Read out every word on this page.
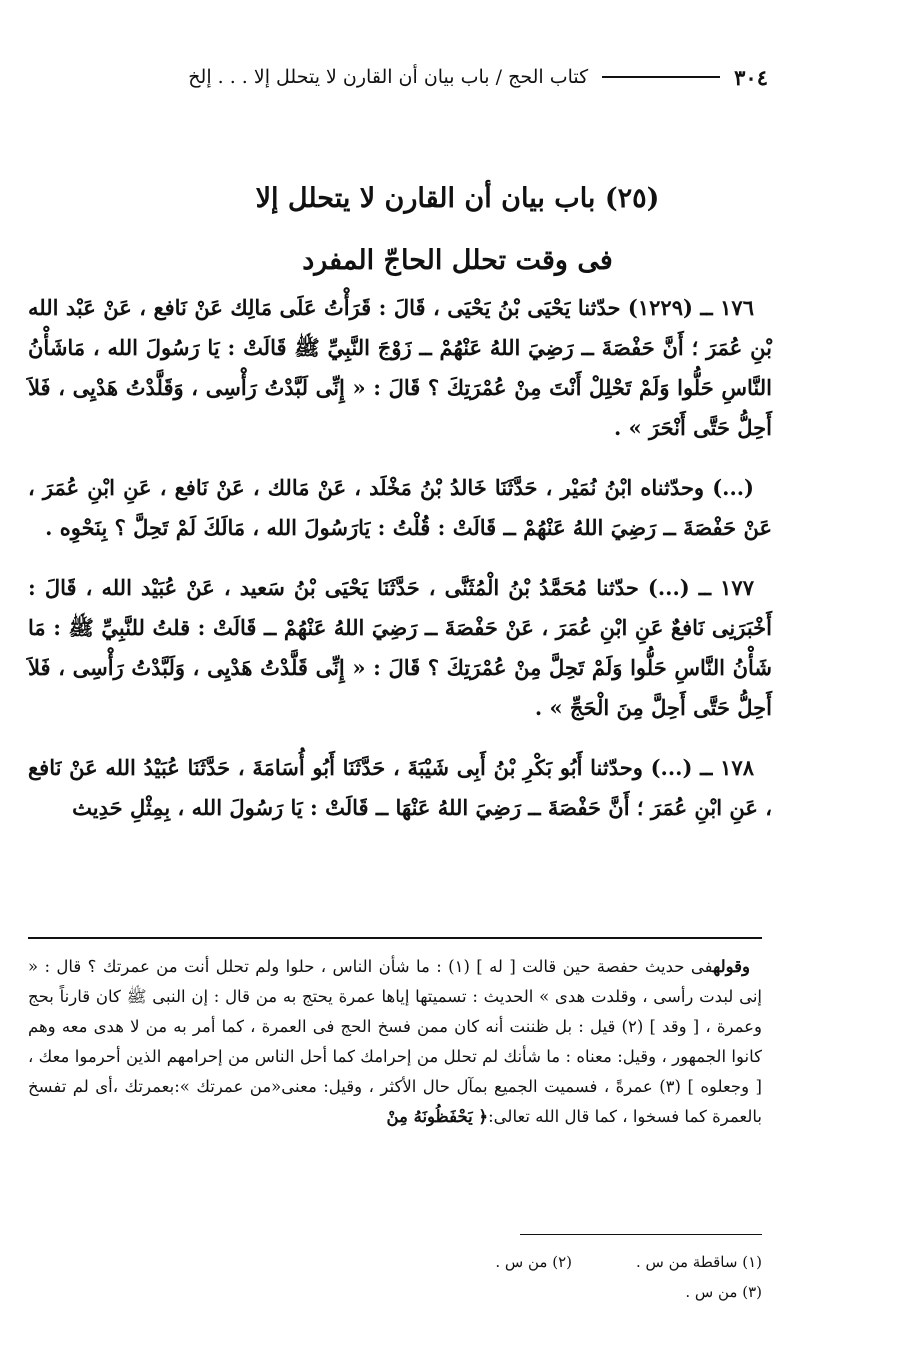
٣٠٤
كتاب الحج / باب بيان أن القارن لا يتحلل إلا . . . إلخ
(٢٥) باب بيان أن القارن لا يتحلل إلا
فى وقت تحلل الحاجّ المفرد

١٧٦ ــ (١٢٢٩) حدّثنا يَحْيَى بْنُ يَحْيَى ، قَالَ : قَرَأْتُ عَلَى مَالِك عَنْ نَافع ، عَنْ عَبْد الله بْنِ عُمَرَ ؛ أَنَّ حَفْصَةَ ــ رَضِيَ اللهُ عَنْهُمْ ــ زَوْجَ النَّبِيِّ ﷺ قَالَتْ : يَا رَسُولَ الله ، مَاشَأْنُ النَّاسِ حَلُّوا وَلَمْ تَحْلِلْ أَنْتَ مِنْ عُمْرَتِكَ ؟ قَالَ : « إِنِّى لَبَّدْتُ رَأْسِى ، وَقَلَّدْتُ هَدْيِى ، فَلاَ أَحِلُّ حَتَّى أَنْحَرَ » .

(...) وحدّثناه ابْنُ نُمَيْر ، حَدَّثَنَا خَالدُ بْنُ مَخْلَد ، عَنْ مَالك ، عَنْ نَافع ، عَنِ ابْنِ عُمَرَ ، عَنْ حَفْصَةَ ــ رَضِيَ اللهُ عَنْهُمْ ــ قَالَتْ : قُلْتُ : يَارَسُولَ الله ، مَالَكَ لَمْ تَحِلَّ ؟ بِنَحْوِه .

١٧٧ ــ (...) حدّثنا مُحَمَّدُ بْنُ الْمُثَنَّى ، حَدَّثَنَا يَحْيَى بْنُ سَعيد ، عَنْ عُبَيْد الله ، قَالَ : أَخْبَرَنِى نَافعٌ عَنِ ابْنِ عُمَرَ ، عَنْ حَفْصَةَ ــ رَضِيَ اللهُ عَنْهُمْ ــ قَالَتْ : قلتُ للنَّبِيِّ ﷺ : مَا شَأْنُ النَّاسِ حَلُّوا وَلَمْ تَحِلَّ مِنْ عُمْرَتِكَ ؟ قَالَ : « إِنِّى قَلَّدْتُ هَدْيِى ، وَلَبَّدْتُ رَأْسِى ، فَلاَ أَحِلُّ حَتَّى أَحِلَّ مِنَ الْحَجِّ » .

١٧٨ ــ (...) وحدّثنا أَبُو بَكْرِ بْنُ أَبِى شَيْبَةَ ، حَدَّثَنَا أَبُو أُسَامَةَ ، حَدَّثَنَا عُبَيْدُ الله عَنْ نَافع ، عَنِ ابْنِ عُمَرَ ؛ أَنَّ حَفْصَةَ ــ رَضِيَ اللهُ عَنْهَا ــ قَالَتْ : يَا رَسُولَ الله ، بِمِثْلِ حَدِيث

وقولهفى حديث حفصة حين قالت [ له ] (١) : ما شأن الناس ، حلوا ولم تحلل أنت من عمرتك ؟ قال : « إنى لبدت رأسى ، وقلدت هدى » الحديث : تسميتها إياها عمرة يحتج به من قال : إن النبى ﷺ كان قارناً بحج وعمرة ، [ وقد ] (٢) قيل : بل ظننت أنه كان ممن فسخ الحج فى العمرة ، كما أمر به من لا هدى معه وهم كانوا الجمهور ، وقيل: معناه : ما شأنك لم تحلل من إحرامك كما أحل الناس من إحرامهم الذين أحرموا معك ، [ وجعلوه ] (٣) عمرةً ، فسميت الجميع بمآل حال الأكثر ، وقيل: معنى«من عمرتك »:بعمرتك ،أى لم تفسخ بالعمرة كما فسخوا ، كما قال الله تعالى:﴿ يَحْفَظُونَهُ مِنْ

(١) ساقطة من س .
(٢) من س .
(٣) من س .
